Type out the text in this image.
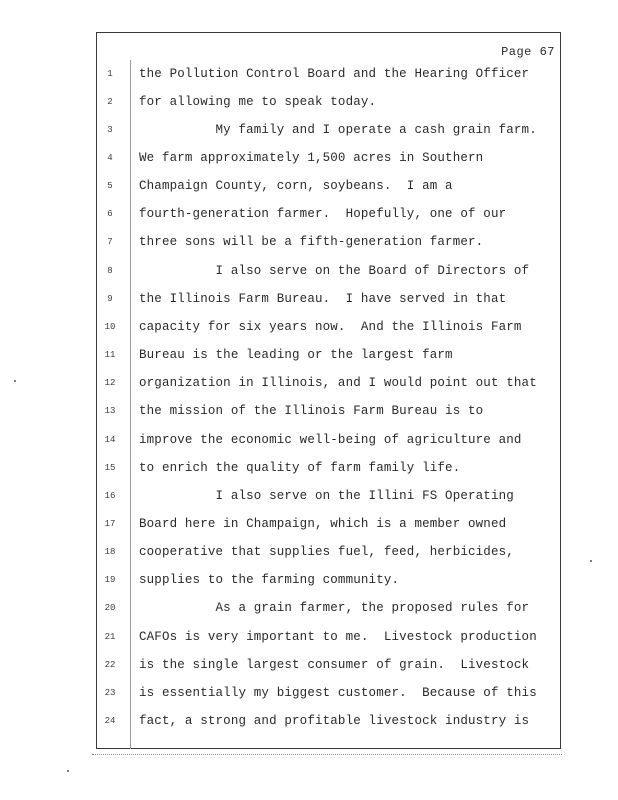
Page 67
1	the Pollution Control Board and the Hearing Officer
2	for allowing me to speak today.
3	My family and I operate a cash grain farm.
4	We farm approximately 1,500 acres in Southern
5	Champaign County, corn, soybeans.  I am a
6	fourth-generation farmer.  Hopefully, one of our
7	three sons will be a fifth-generation farmer.
8	I also serve on the Board of Directors of
9	the Illinois Farm Bureau.  I have served in that
10	capacity for six years now.  And the Illinois Farm
11	Bureau is the leading or the largest farm
12	organization in Illinois, and I would point out that
13	the mission of the Illinois Farm Bureau is to
14	improve the economic well-being of agriculture and
15	to enrich the quality of farm family life.
16	I also serve on the Illini FS Operating
17	Board here in Champaign, which is a member owned
18	cooperative that supplies fuel, feed, herbicides,
19	supplies to the farming community.
20	As a grain farmer, the proposed rules for
21	CAFOs is very important to me.  Livestock production
22	is the single largest consumer of grain.  Livestock
23	is essentially my biggest customer.  Because of this
24	fact, a strong and profitable livestock industry is
